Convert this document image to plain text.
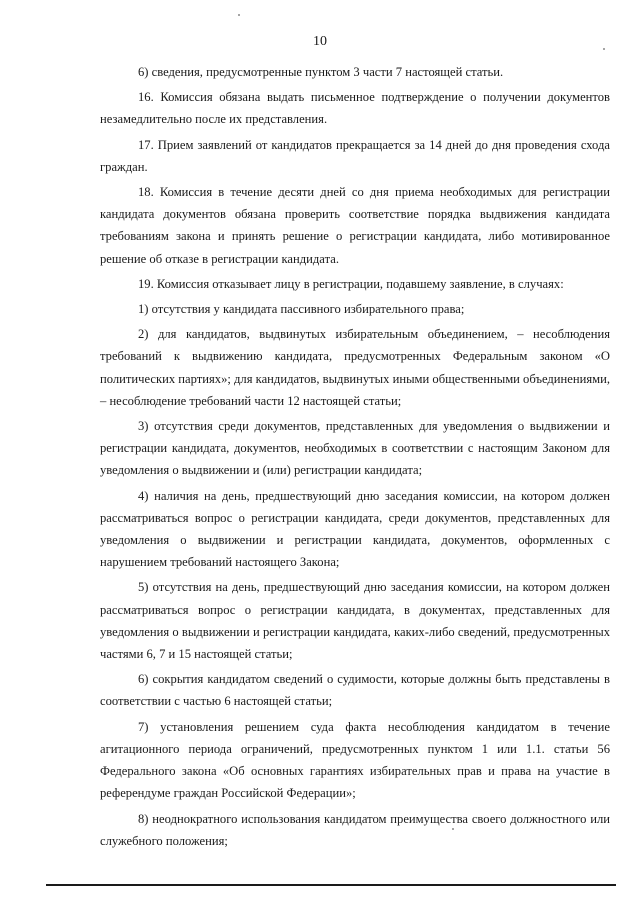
10

6) сведения, предусмотренные пунктом 3 части 7 настоящей статьи.

16. Комиссия обязана выдать письменное подтверждение о получении документов незамедлительно после их представления.

17. Прием заявлений от кандидатов прекращается за 14 дней до дня проведения схода граждан.

18. Комиссия в течение десяти дней со дня приема необходимых для регистрации кандидата документов обязана проверить соответствие порядка выдвижения кандидата требованиям закона и принять решение о регистрации кандидата, либо мотивированное решение об отказе в регистрации кандидата.

19. Комиссия отказывает лицу в регистрации, подавшему заявление, в случаях:

1) отсутствия у кандидата пассивного избирательного права;

2) для кандидатов, выдвинутых избирательным объединением, – несоблюдения требований к выдвижению кандидата, предусмотренных Федеральным законом «О политических партиях»; для кандидатов, выдвинутых иными общественными объединениями, – несоблюдение требований части 12 настоящей статьи;

3) отсутствия среди документов, представленных для уведомления о выдвижении и регистрации кандидата, документов, необходимых в соответствии с настоящим Законом для уведомления о выдвижении и (или) регистрации кандидата;

4) наличия на день, предшествующий дню заседания комиссии, на котором должен рассматриваться вопрос о регистрации кандидата, среди документов, представленных для уведомления о выдвижении и регистрации кандидата, документов, оформленных с нарушением требований настоящего Закона;

5) отсутствия на день, предшествующий дню заседания комиссии, на котором должен рассматриваться вопрос о регистрации кандидата, в документах, представленных для уведомления о выдвижении и регистрации кандидата, каких-либо сведений, предусмотренных частями 6, 7 и 15 настоящей статьи;

6) сокрытия кандидатом сведений о судимости, которые должны быть представлены в соответствии с частью 6 настоящей статьи;

7) установления решением суда факта несоблюдения кандидатом в течение агитационного периода ограничений, предусмотренных пунктом 1 или 1.1. статьи 56 Федерального закона «Об основных гарантиях избирательных прав и права на участие в референдуме граждан Российской Федерации»;

8) неоднократного использования кандидатом преимущества своего должностного или служебного положения;
